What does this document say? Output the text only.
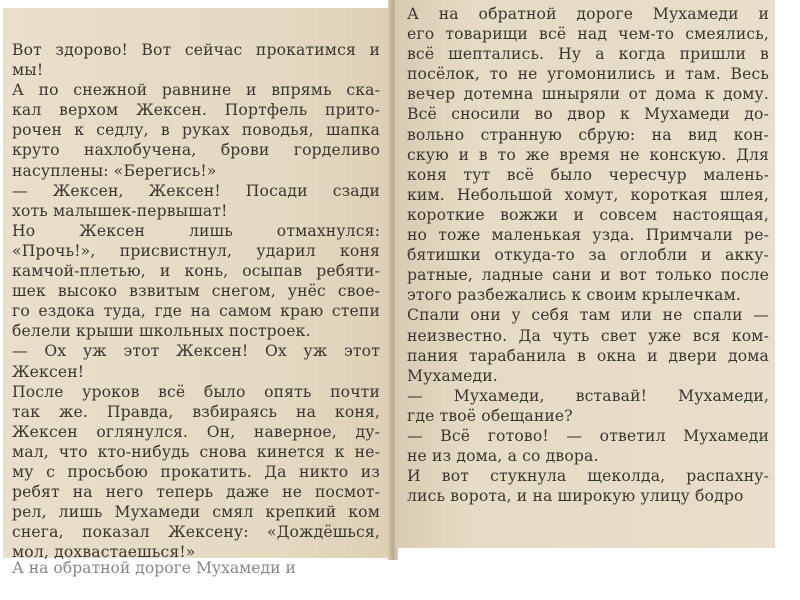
Вот здорово! Вот сейчас прокатимся и
мы!
А по снежной равнине и впрямь ска-
кал верхом Жексен. Портфель прито-
рочен к седлу, в руках поводья, шапка
круто нахлобучена, брови горделиво
насуплены: «Берегись!»
— Жексен, Жексен! Посади сзади
хоть малышек-первышат!
Но Жексен лишь отмахнулся:
«Прочь!», присвистнул, ударил коня
камчой-плетью, и конь, осыпав ребяти-
шек высоко взвитым снегом, унёс свое-
го ездока туда, где на самом краю степи
белели крыши школьных построек.
— Ох уж этот Жексен! Ох уж этот
Жексен!
После уроков всё было опять почти
так же. Правда, взбираясь на коня,
Жексен оглянулся. Он, наверное, ду-
мал, что кто-нибудь снова кинется к не-
му с просьбою прокатить. Да никто из
ребят на него теперь даже не посмот-
рел, лишь Мухамеди смял крепкий ком
снега, показал Жексену: «Дождёшься,
мол, дохвастаешься!»
А на обратной дороге Мухамеди и
А на обратной дороге Мухамеди и
его товарищи всё над чем-то смеялись,
всё шептались. Ну а когда пришли в
посёлок, то не угомонились и там. Весь
вечер дотемна шныряли от дома к дому.
Всё сносили во двор к Мухамеди до-
вольно странную сбрую: на вид кон-
скую и в то же время не конскую. Для
коня тут всё было чересчур малень-
ким. Небольшой хомут, короткая шлея,
короткие вожжи и совсем настоящая,
но тоже маленькая узда. Примчали ре-
бятишки откуда-то за оглобли и акку-
ратные, ладные сани и вот только после
этого разбежались к своим крылечкам.
Спали они у себя там или не спали —
неизвестно. Да чуть свет уже вся ком-
пания тарабанила в окна и двери дома
Мухамеди.
— Мухамеди, вставай! Мухамеди,
где твоё обещание?
— Всё готово! — ответил Мухамеди
не из дома, а со двора.
И вот стукнула щеколда, распахну-
лись ворота, и на широкую улицу бодро
